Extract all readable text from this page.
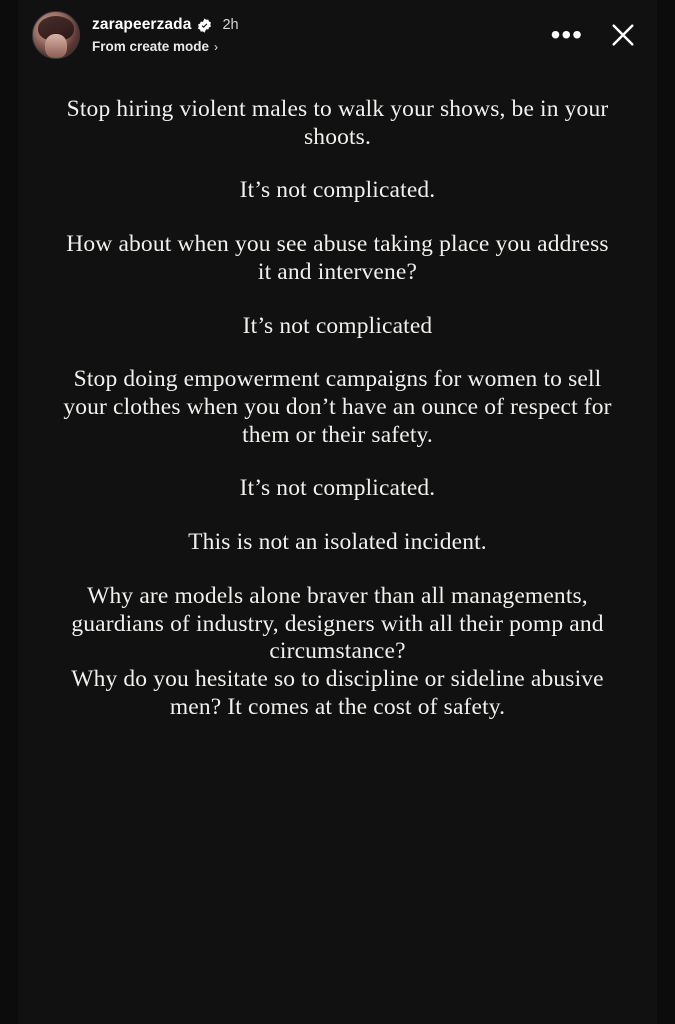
zarapeerzada 2h
From create mode ›	•••

Stop hiring violent males to walk your shows, be in your shoots.

It’s not complicated.

How about when you see abuse taking place you address it and intervene?

It’s not complicated

Stop doing empowerment campaigns for women to sell your clothes when you don’t have an ounce of respect for them or their safety.

It’s not complicated.

This is not an isolated incident.

Why are models alone braver than all managements, guardians of industry, designers with all their pomp and circumstance?

Why do you hesitate so to discipline or sideline abusive men? It comes at the cost of safety.
